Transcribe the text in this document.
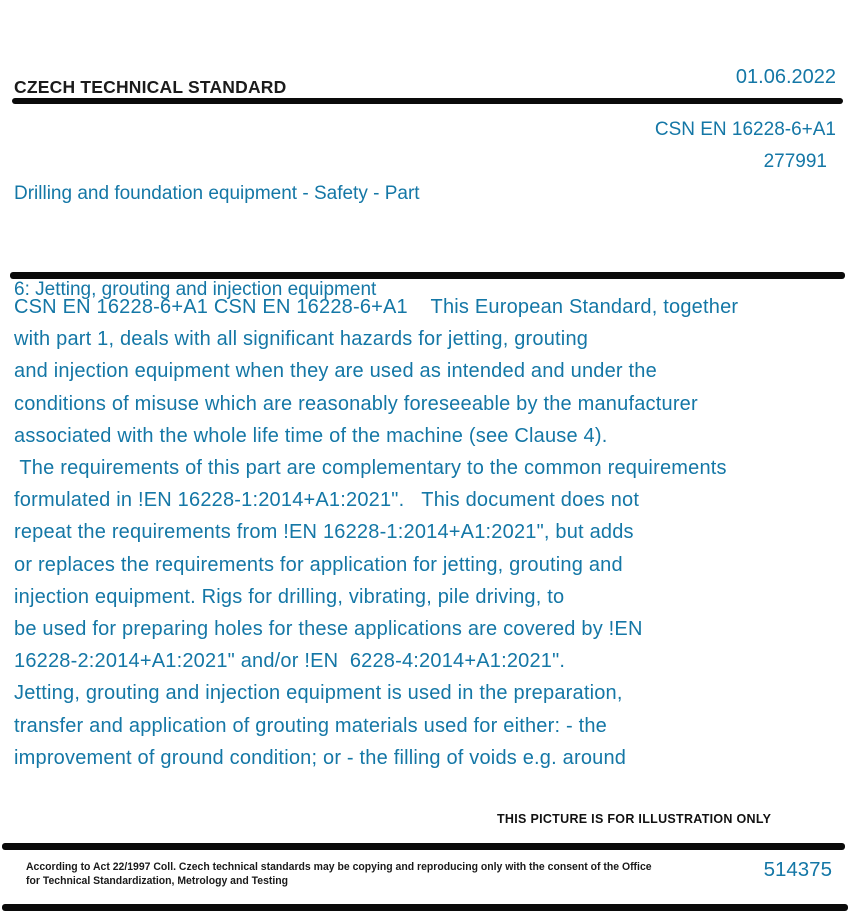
CZECH TECHNICAL STANDARD	01.06.2022

Drilling and foundation equipment - Safety - Part

6: Jetting, grouting and injection equipment

CSN EN 16228-6+A1
277991
CSN EN 16228-6+A1 CSN EN 16228-6+A1    This European Standard, together
with part 1, deals with all significant hazards for jetting, grouting
and injection equipment when they are used as intended and under the
conditions of misuse which are reasonably foreseeable by the manufacturer
associated with the whole life time of the machine (see Clause 4).
The requirements of this part are complementary to the common requirements
formulated in !EN 16228-1:2014+A1:2021".   This document does not
repeat the requirements from !EN 16228-1:2014+A1:2021", but adds
or replaces the requirements for application for jetting, grouting and
injection equipment. Rigs for drilling, vibrating, pile driving, to
be used for preparing holes for these applications are covered by !EN
16228-2:2014+A1:2021" and/or !EN  6228-4:2014+A1:2021".
Jetting, grouting and injection equipment is used in the preparation,
transfer and application of grouting materials used for either: - the
improvement of ground condition; or - the filling of voids e.g. around
THIS PICTURE IS FOR ILLUSTRATION ONLY
According to Act 22/1997 Coll. Czech technical standards may be copying and reproducing only with the consent of the Office
for Technical Standardization, Metrology and Testing	514375
